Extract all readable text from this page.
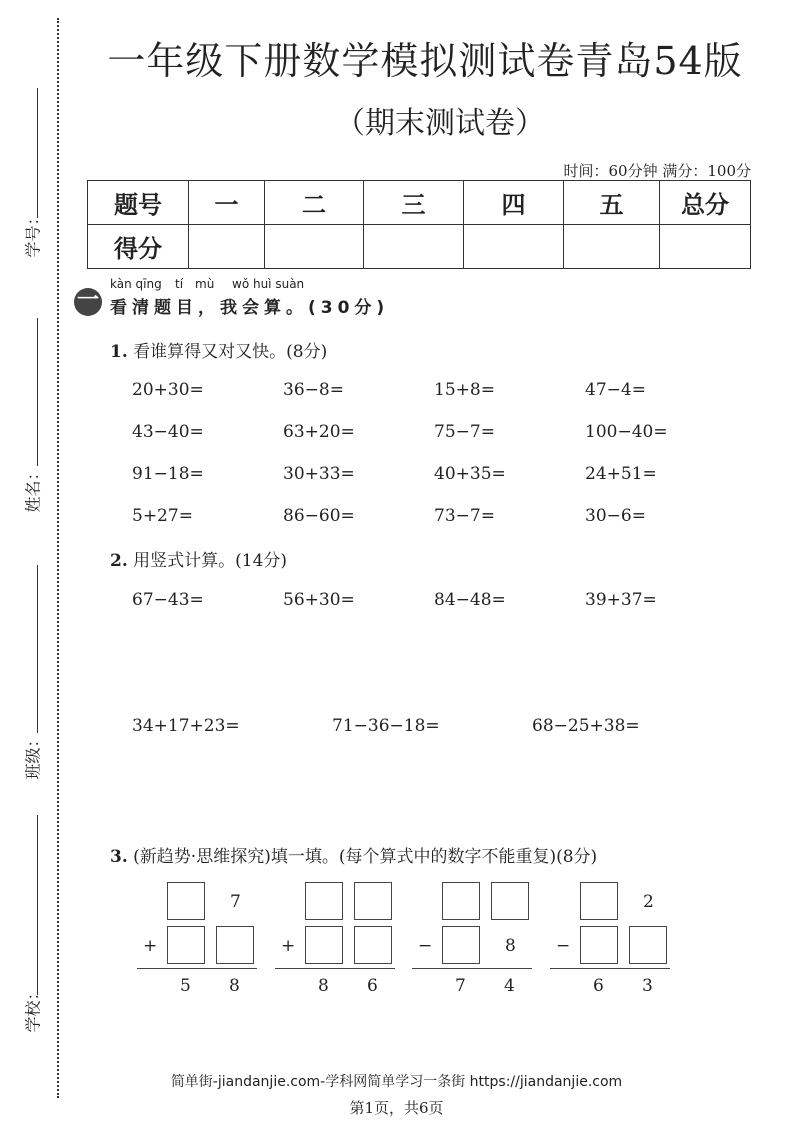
学号：
姓名：
班级：
学校：
一年级下册数学模拟测试卷青岛54版
（期末测试卷）
时间：60分钟 满分：100分
题号	一	二	三	四	五	总分
得分						
一
kàn qīng tí mù wǒ huì suàn
看清题目，我会算。(30分)
1. 看谁算得又对又快。(8分)
20+30=	36−8=	15+8=	47−4=
43−40=	63+20=	75−7=	100−40=
91−18=	30+33=	40+35=	24+51=
5+27=	86−60=	73−7=	30−6=
2. 用竖式计算。(14分)
67−43=	56+30=	84−48=	39+37=
34+17+23=	71−36−18=	68−25+38=
3. (新趋势·思维探究)填一填。(每个算式中的数字不能重复)(8分)
7
+
5 8
+
8 6
−	8
7 4
2
−
6 3
简单街-jiandanjie.com-学科网简单学习一条街 https://jiandanjie.com
第1页，共6页
